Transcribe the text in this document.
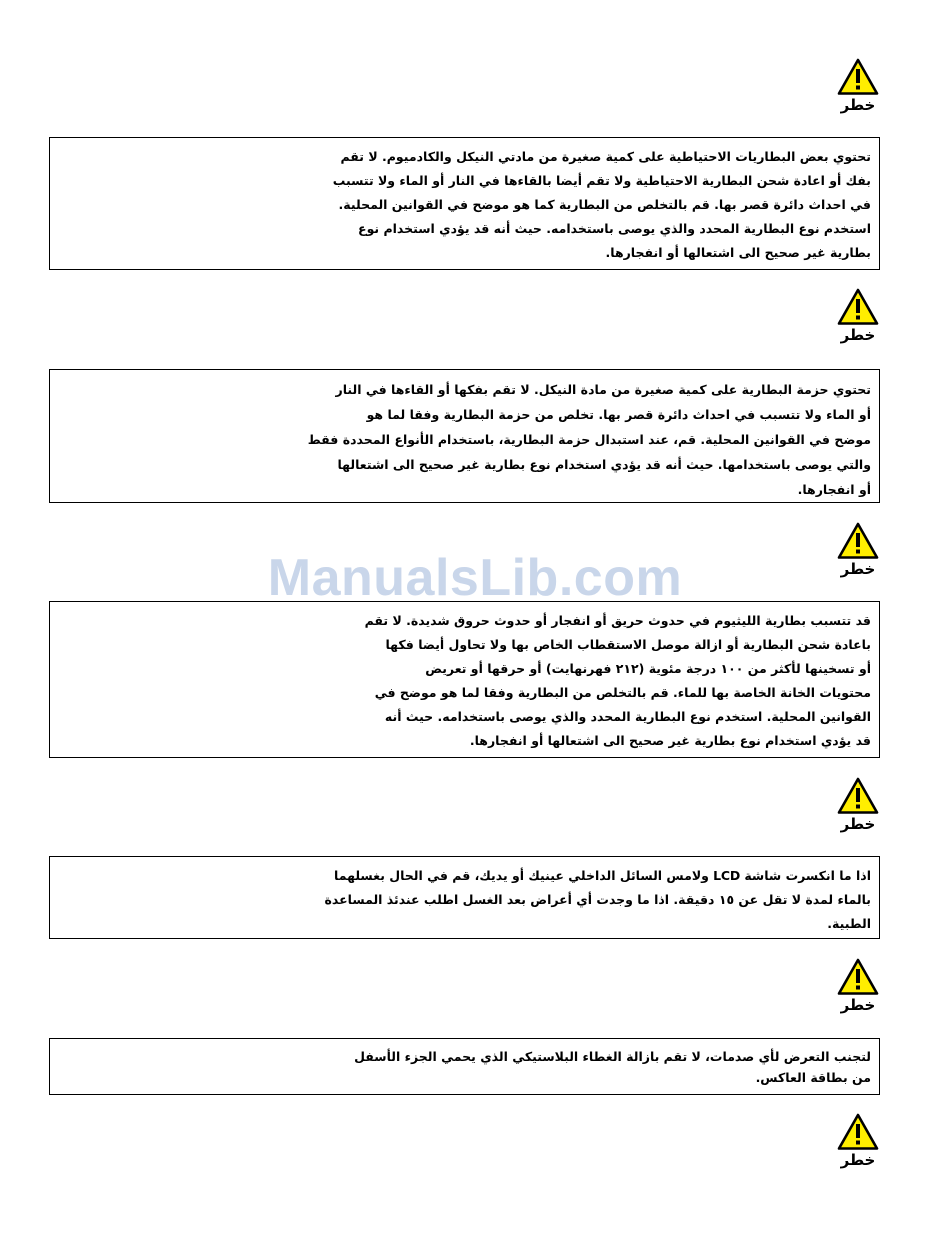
خطر
تحتوي بعض البطاريات الاحتياطية على كمية صغيرة من مادتي النيكل والكادميوم. لا تقم
بفك أو اعادة شحن البطارية الاحتياطية ولا تقم أيضا بالقاءها في النار أو الماء ولا تتسبب
في احداث دائرة قصر بها. قم بالتخلص من البطارية كما هو موضح في القوانين المحلية.
استخدم نوع البطارية المحدد والذي يوصى باستخدامه. حيث أنه قد يؤدي استخدام نوع
بطارية غير صحيح الى اشتعالها أو انفجارها.
خطر
تحتوي حزمة البطارية على كمية صغيرة من مادة النيكل. لا تقم بفكها أو القاءها في النار
أو الماء ولا تتسبب في احداث دائرة قصر بها. تخلص من حزمة البطارية وفقا لما هو
موضح في القوانين المحلية. قم، عند استبدال حزمة البطارية، باستخدام الأنواع المحددة فقط
والتي يوصى باستخدامها. حيث أنه قد يؤدي استخدام نوع بطارية غير صحيح الى اشتعالها
أو انفجارها.
ManualsLib.com	خطر
قد تتسبب بطارية الليثيوم في حدوث حريق أو انفجار أو حدوث حروق شديدة. لا تقم
باعادة شحن البطارية أو ازالة موصل الاستقطاب الخاص بها ولا تحاول أيضا فكها
أو تسخينها لأكثر من ١٠٠ درجة مئوية (٢١٢ فهرنهايت) أو حرقها أو تعريض
محتويات الخانة الخاصة بها للماء. قم بالتخلص من البطارية وفقا لما هو موضح في
القوانين المحلية. استخدم نوع البطارية المحدد والذي يوصى باستخدامه. حيث أنه
قد يؤدي استخدام نوع بطارية غير صحيح الى اشتعالها أو انفجارها.
خطر
اذا ما انكسرت شاشة LCD ولامس السائل الداخلي عينيك أو يديك، قم في الحال بغسلهما
بالماء لمدة لا تقل عن ١٥ دقيقة. اذا ما وجدت أي أعراض بعد الغسل اطلب عندئذ المساعدة
الطبية.
خطر
لتجنب التعرض لأي صدمات، لا تقم بازالة الغطاء البلاستيكي الذي يحمي الجزء الأسفل
من بطاقة العاكس.
خطر
